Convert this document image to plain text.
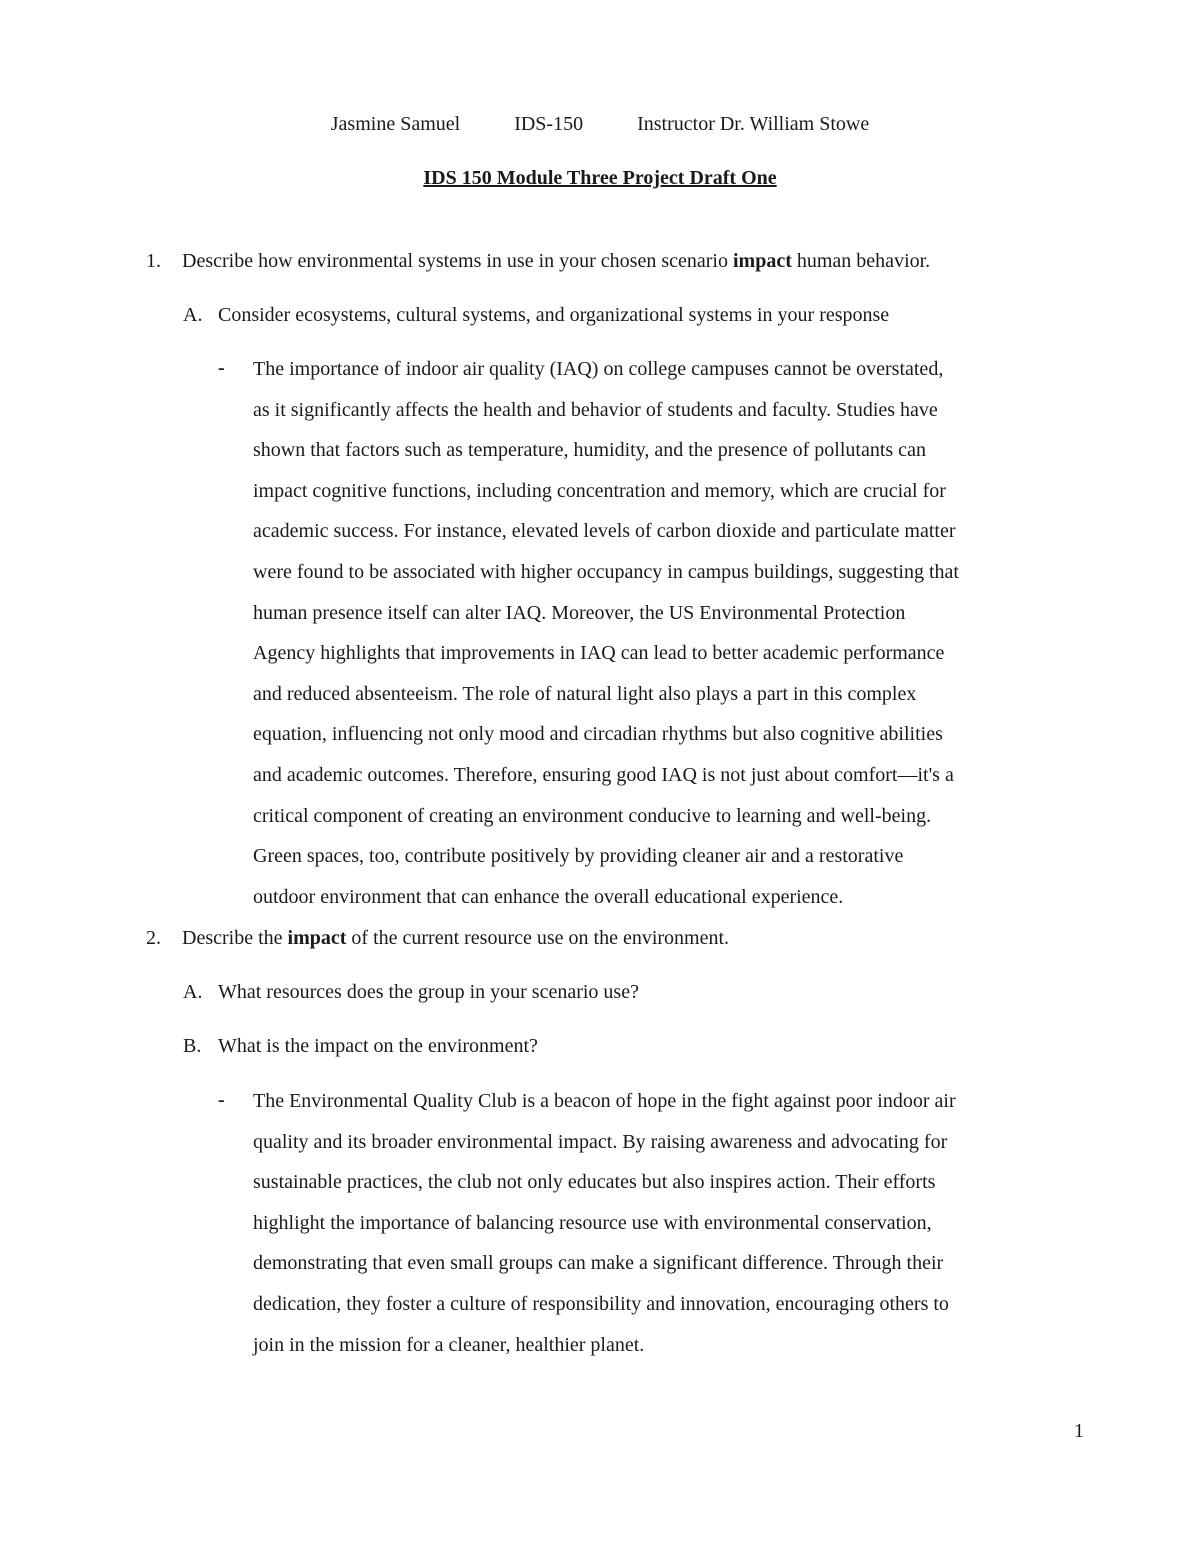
Jasmine Samuel	IDS-150	Instructor Dr. William Stowe
IDS 150 Module Three Project Draft One
1. Describe how environmental systems in use in your chosen scenario impact human behavior.
A. Consider ecosystems, cultural systems, and organizational systems in your response
- The importance of indoor air quality (IAQ) on college campuses cannot be overstated,
as it significantly affects the health and behavior of students and faculty. Studies have
shown that factors such as temperature, humidity, and the presence of pollutants can
impact cognitive functions, including concentration and memory, which are crucial for
academic success. For instance, elevated levels of carbon dioxide and particulate matter
were found to be associated with higher occupancy in campus buildings, suggesting that
human presence itself can alter IAQ. Moreover, the US Environmental Protection
Agency highlights that improvements in IAQ can lead to better academic performance
and reduced absenteeism. The role of natural light also plays a part in this complex
equation, influencing not only mood and circadian rhythms but also cognitive abilities
and academic outcomes. Therefore, ensuring good IAQ is not just about comfort—it's a
critical component of creating an environment conducive to learning and well-being.
Green spaces, too, contribute positively by providing cleaner air and a restorative
outdoor environment that can enhance the overall educational experience.
2. Describe the impact of the current resource use on the environment.
A. What resources does the group in your scenario use?
B. What is the impact on the environment?
- The Environmental Quality Club is a beacon of hope in the fight against poor indoor air
quality and its broader environmental impact. By raising awareness and advocating for
sustainable practices, the club not only educates but also inspires action. Their efforts
highlight the importance of balancing resource use with environmental conservation,
demonstrating that even small groups can make a significant difference. Through their
dedication, they foster a culture of responsibility and innovation, encouraging others to
join in the mission for a cleaner, healthier planet.
1
